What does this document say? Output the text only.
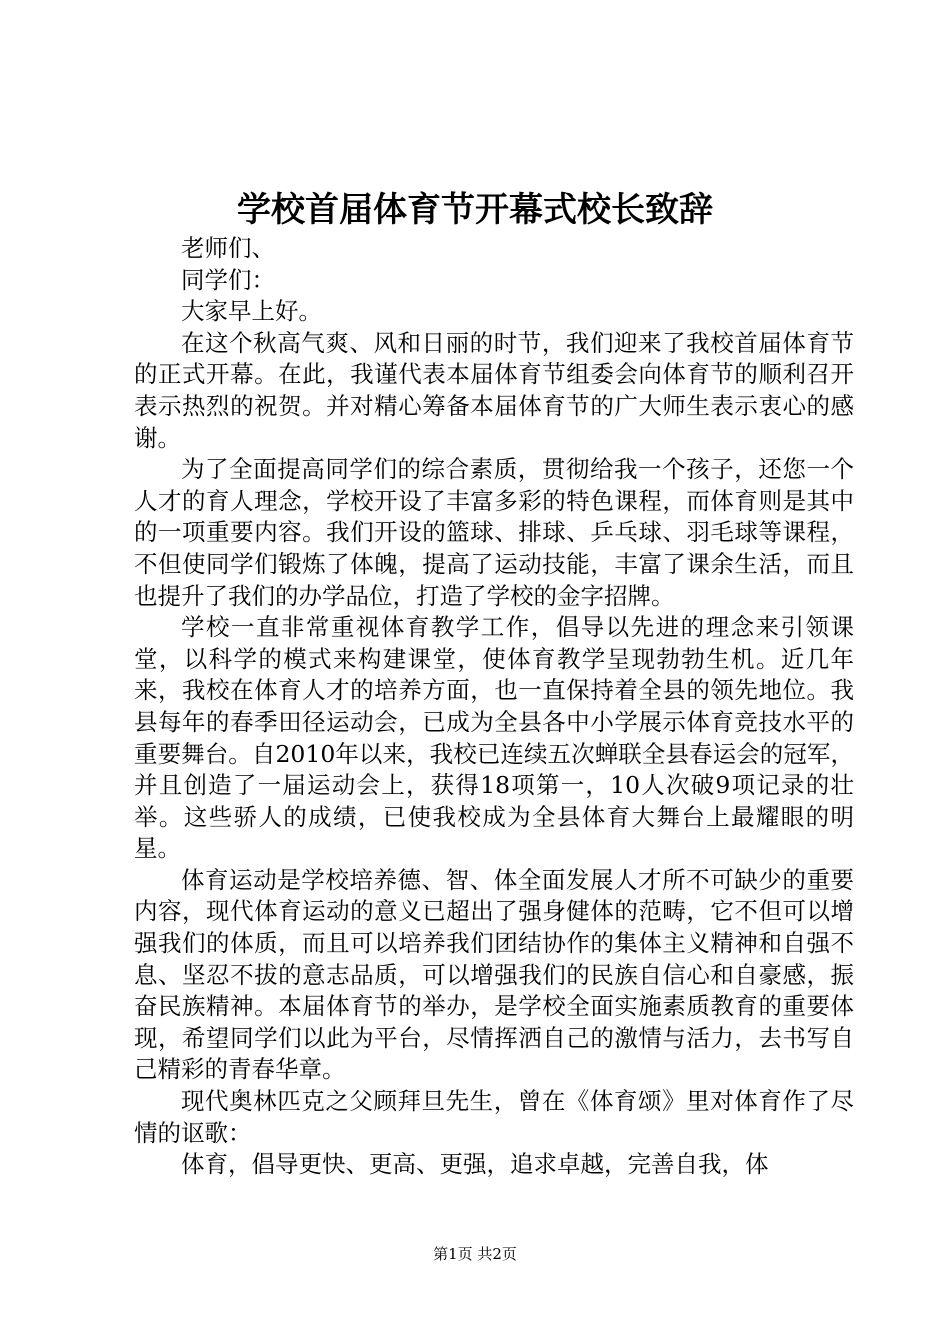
学校首届体育节开幕式校长致辞

老师们、

同学们：

大家早上好。

在这个秋高气爽、风和日丽的时节，我们迎来了我校首届体育节的正式开幕。在此，我谨代表本届体育节组委会向体育节的顺利召开表示热烈的祝贺。并对精心筹备本届体育节的广大师生表示衷心的感谢。

为了全面提高同学们的综合素质，贯彻给我一个孩子，还您一个人才的育人理念，学校开设了丰富多彩的特色课程，而体育则是其中的一项重要内容。我们开设的篮球、排球、乒乓球、羽毛球等课程，不但使同学们锻炼了体魄，提高了运动技能，丰富了课余生活，而且也提升了我们的办学品位，打造了学校的金字招牌。

学校一直非常重视体育教学工作，倡导以先进的理念来引领课堂，以科学的模式来构建课堂，使体育教学呈现勃勃生机。近几年来，我校在体育人才的培养方面，也一直保持着全县的领先地位。我县每年的春季田径运动会，已成为全县各中小学展示体育竞技水平的重要舞台。自2010年以来，我校已连续五次蝉联全县春运会的冠军，并且创造了一届运动会上，获得18项第一，10人次破9项记录的壮举。这些骄人的成绩，已使我校成为全县体育大舞台上最耀眼的明星。

体育运动是学校培养德、智、体全面发展人才所不可缺少的重要内容，现代体育运动的意义已超出了强身健体的范畴，它不但可以增强我们的体质，而且可以培养我们团结协作的集体主义精神和自强不息、坚忍不拔的意志品质，可以增强我们的民族自信心和自豪感，振奋民族精神。本届体育节的举办，是学校全面实施素质教育的重要体现，希望同学们以此为平台，尽情挥洒自己的激情与活力，去书写自己精彩的青春华章。

现代奥林匹克之父顾拜旦先生，曾在《体育颂》里对体育作了尽情的讴歌：

体育，倡导更快、更高、更强，追求卓越，完善自我，体

第1页 共2页
